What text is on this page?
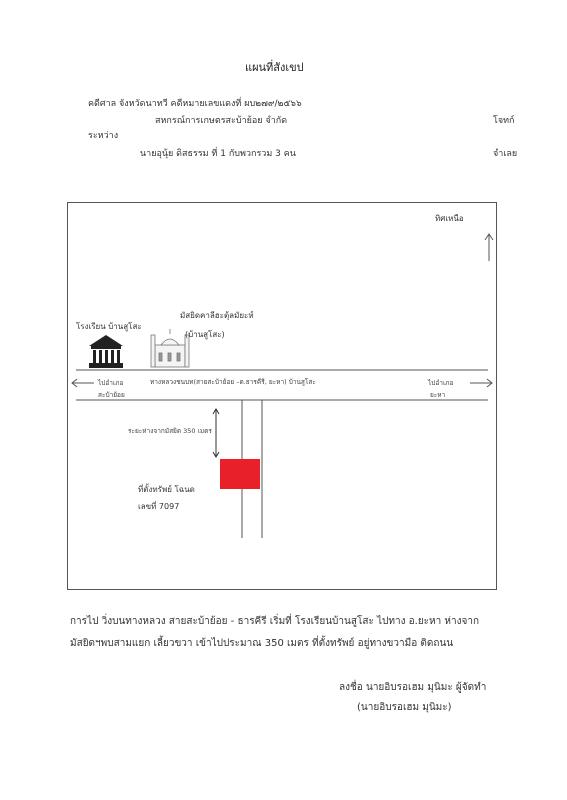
แผนที่สังเขป
คดีศาล จังหวัดนาทวี คดีหมายเลขแดงที่ ผบ๒๗๙/๒๕๖๖
สหกรณ์การเกษตรสะบ้าย้อย จำกัด	โจทก์
ระหว่าง
นายอุนุ้ย ดิสธรรม ที่ 1 กับพวกรวม 3 คน	จำเลย
ทิศเหนือ
โรงเรียน บ้านสูโสะ
มัสยิดคาลีฮะตุ้ลมัยะห์
(บ้านสูโสะ)
ทางหลวงชนบท(สายสะบ้าย้อย –ต.ธารคีรี, ยะหา) บ้านสูโสะ
ไปอำเภอ
สะบ้าย้อย
ไปอำเภอ
ยะหา
ระยะห่างจากมัสยิด 350 เมตร
ที่ตั้งทรัพย์ โฉนด
เลขที่ 7097
การไป วิ่งบนทางหลวง สายสะบ้าย้อย - ธารคีรี เริ่มที่ โรงเรียนบ้านสูโสะ ไปทาง อ.ยะหา ห่างจาก
มัสยิดฯพบสามแยก เลี้ยวขวา เข้าไปประมาณ 350 เมตร ที่ตั้งทรัพย์ อยู่ทางขวามือ ติดถนน
ลงชื่อ นายอิบรอเฮม มุนิมะ ผู้จัดทำ
(นายอิบรอเฮม มุนิมะ)
